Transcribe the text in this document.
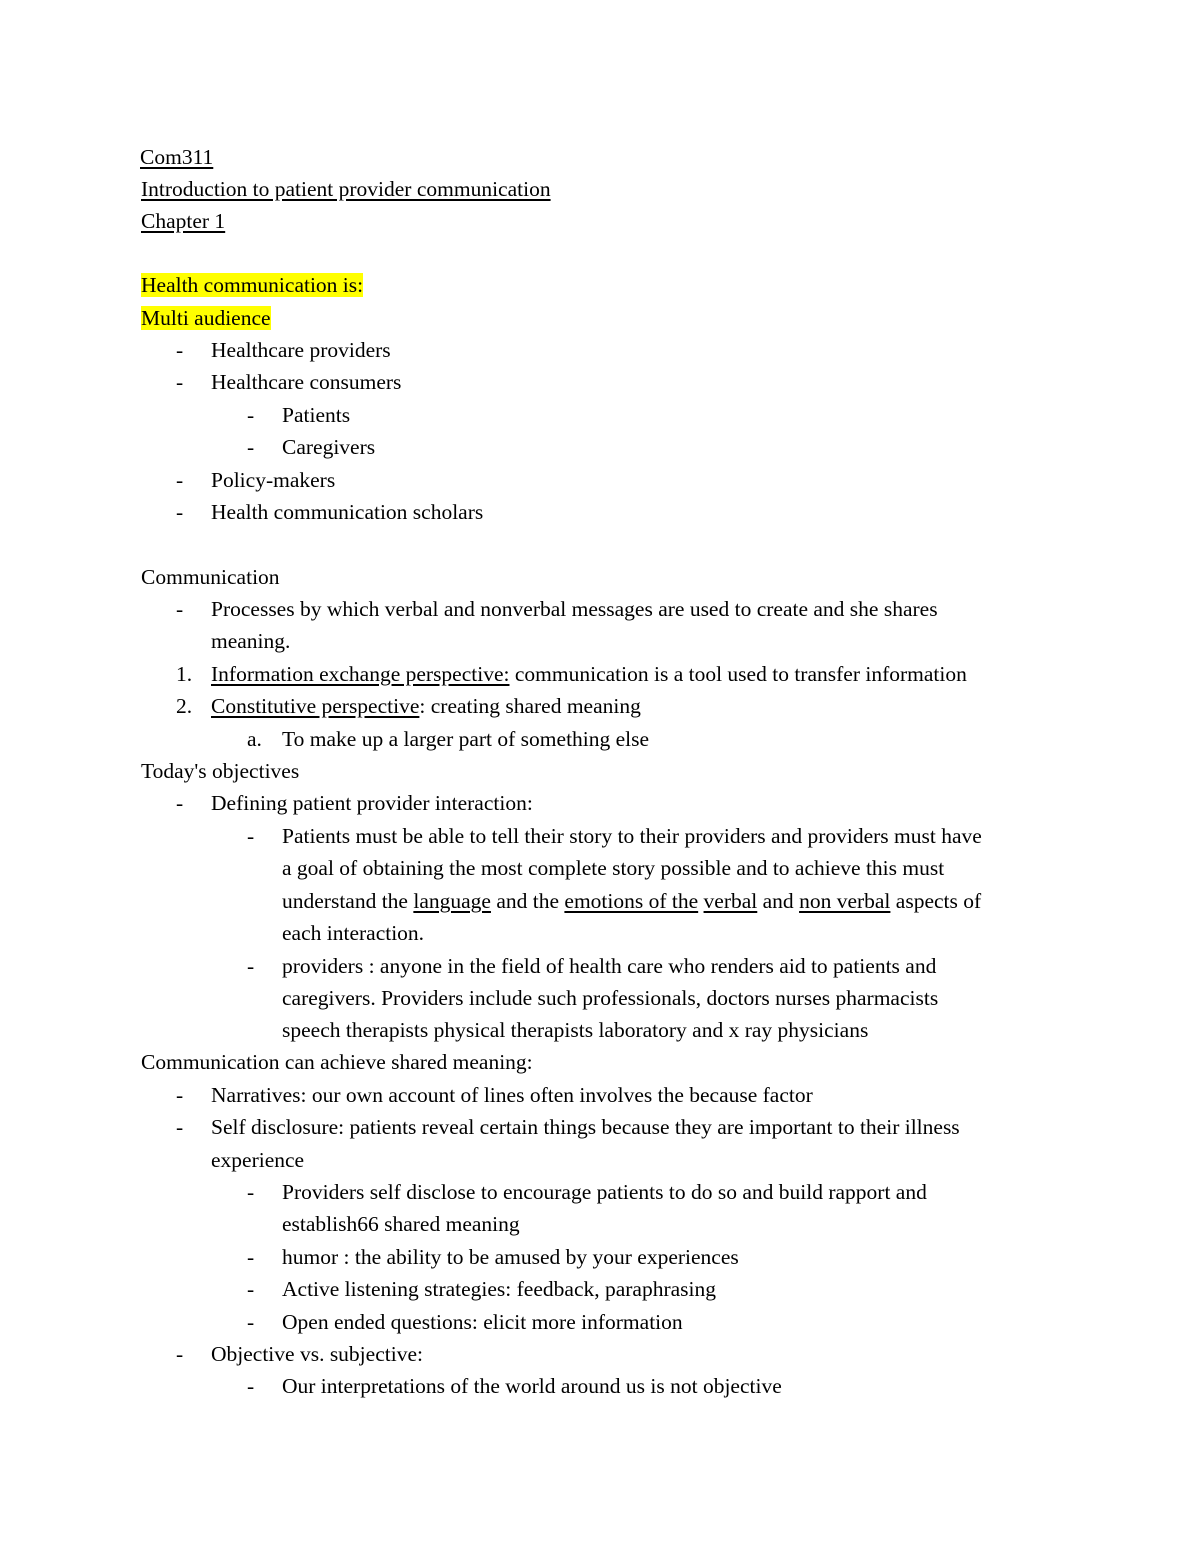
Com311
Introduction to patient provider communication
Chapter 1
Health communication is:
Multi audience
- Healthcare providers
- Healthcare consumers
- Patients
- Caregivers
- Policy-makers
- Health communication scholars
Communication
- Processes by which verbal and nonverbal messages are used to create and she shares
meaning.
1. Information exchange perspective: communication is a tool used to transfer information
2. Constitutive perspective: creating shared meaning
a. To make up a larger part of something else
Today's objectives
- Defining patient provider interaction:
- Patients must be able to tell their story to their providers and providers must have
a goal of obtaining the most complete story possible and to achieve this must
understand the language and the emotions of the verbal and non verbal aspects of
each interaction.
- providers : anyone in the field of health care who renders aid to patients and
caregivers. Providers include such professionals, doctors nurses pharmacists
speech therapists physical therapists laboratory and x ray physicians
Communication can achieve shared meaning:
- Narratives: our own account of lines often involves the because factor
- Self disclosure: patients reveal certain things because they are important to their illness
experience
- Providers self disclose to encourage patients to do so and build rapport and
establish66 shared meaning
- humor : the ability to be amused by your experiences
- Active listening strategies: feedback, paraphrasing
- Open ended questions: elicit more information
- Objective vs. subjective:
- Our interpretations of the world around us is not objective
